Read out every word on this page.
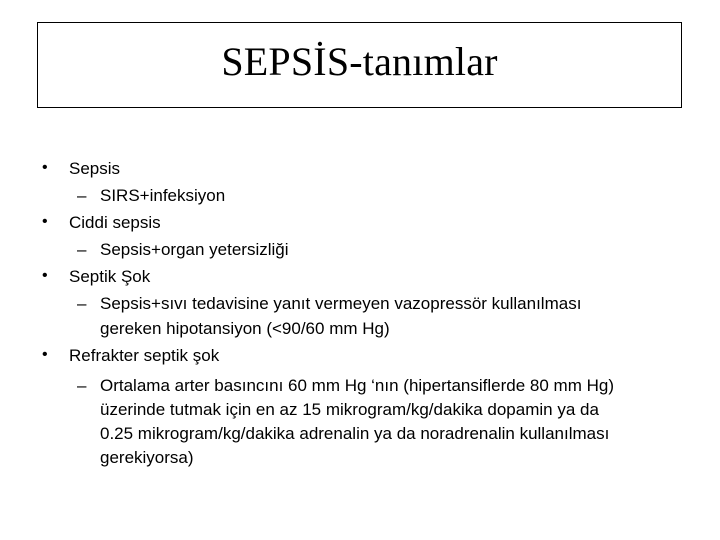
SEPSİS-tanımlar
• Sepsis
– SIRS+infeksiyon
• Ciddi sepsis
– Sepsis+organ yetersizliği
• Septik Şok
– Sepsis+sıvı tedavisine yanıt vermeyen vazopressör kullanılması
gereken hipotansiyon (<90/60 mm Hg)
• Refrakter septik şok
– Ortalama arter basıncını 60 mm Hg ‘nın (hipertansiflerde 80 mm Hg)
üzerinde tutmak için en az 15 mikrogram/kg/dakika dopamin ya da
0.25 mikrogram/kg/dakika adrenalin ya da noradrenalin kullanılması
gerekiyorsa)
